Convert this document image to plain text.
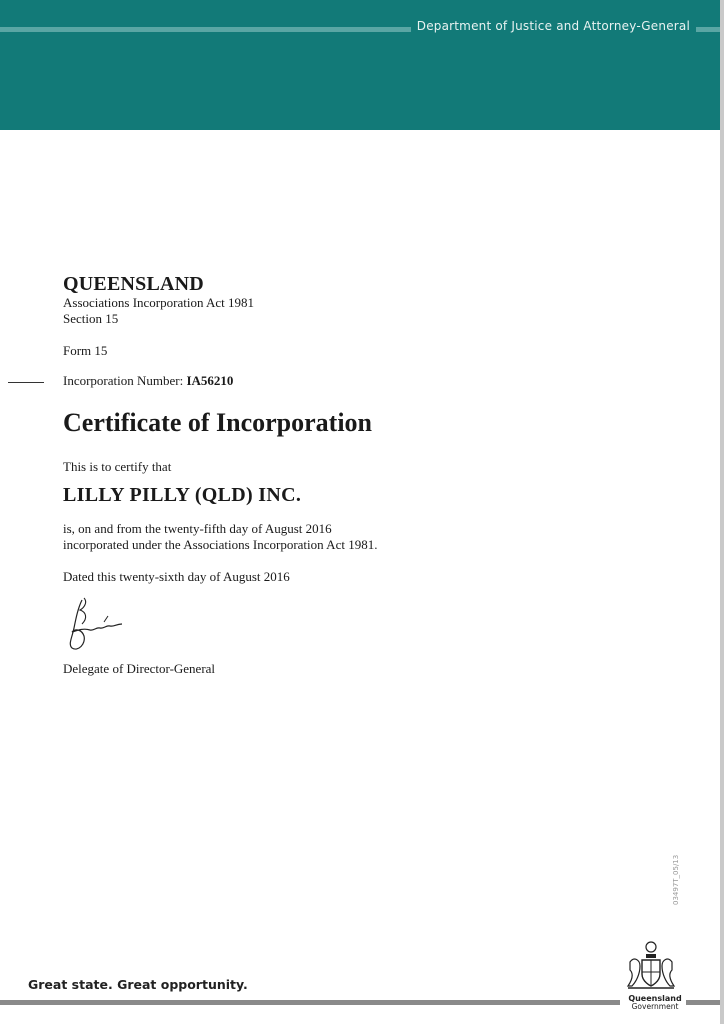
Department of Justice and Attorney-General

QUEENSLAND

Associations Incorporation Act 1981

Section 15

Form 15
Incorporation Number: IA56210
Certificate of Incorporation
This is to certify that
LILLY PILLY (QLD) INC.
is, on and from the twenty-fifth day of August 2016
incorporated under the Associations Incorporation Act 1981.
Dated this twenty-sixth day of August 2016
Delegate of Director-General
03497T_05/13
Great state. Great opportunity.
Queensland
Government
